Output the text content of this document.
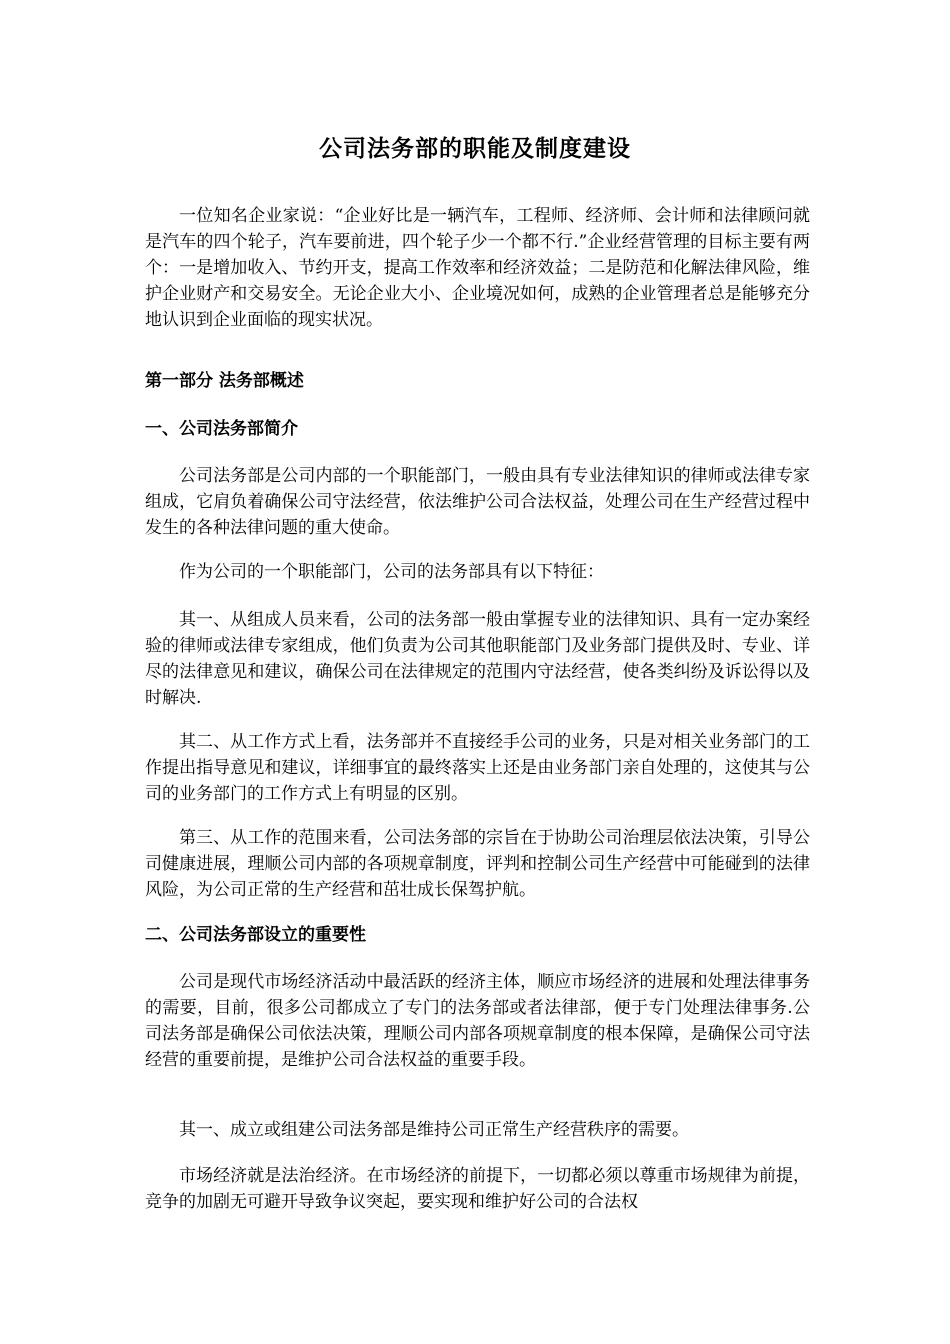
公司法务部的职能及制度建设
一位知名企业家说：“企业好比是一辆汽车，工程师、经济师、会计师和法律顾问就是汽车的四个轮子，汽车要前进，四个轮子少一个都不行.”企业经营管理的目标主要有两个：一是增加收入、节约开支，提高工作效率和经济效益；二是防范和化解法律风险，维护企业财产和交易安全。无论企业大小、企业境况如何，成熟的企业管理者总是能够充分地认识到企业面临的现实状况。
第一部分 法务部概述
一、公司法务部简介
公司法务部是公司内部的一个职能部门，一般由具有专业法律知识的律师或法律专家组成，它肩负着确保公司守法经营，依法维护公司合法权益，处理公司在生产经营过程中发生的各种法律问题的重大使命。
作为公司的一个职能部门，公司的法务部具有以下特征：
其一、从组成人员来看，公司的法务部一般由掌握专业的法律知识、具有一定办案经验的律师或法律专家组成，他们负责为公司其他职能部门及业务部门提供及时、专业、详尽的法律意见和建议，确保公司在法律规定的范围内守法经营，使各类纠纷及诉讼得以及时解决.
其二、从工作方式上看，法务部并不直接经手公司的业务，只是对相关业务部门的工作提出指导意见和建议，详细事宜的最终落实上还是由业务部门亲自处理的，这使其与公司的业务部门的工作方式上有明显的区别。
第三、从工作的范围来看，公司法务部的宗旨在于协助公司治理层依法决策，引导公司健康进展，理顺公司内部的各项规章制度，评判和控制公司生产经营中可能碰到的法律风险，为公司正常的生产经营和茁壮成长保驾护航。
二、公司法务部设立的重要性
公司是现代市场经济活动中最活跃的经济主体，顺应市场经济的进展和处理法律事务的需要，目前，很多公司都成立了专门的法务部或者法律部，便于专门处理法律事务.公司法务部是确保公司依法决策，理顺公司内部各项规章制度的根本保障，是确保公司守法经营的重要前提，是维护公司合法权益的重要手段。
其一、成立或组建公司法务部是维持公司正常生产经营秩序的需要。
市场经济就是法治经济。在市场经济的前提下，一切都必须以尊重市场规律为前提，竞争的加剧无可避开导致争议突起，要实现和维护好公司的合法权
